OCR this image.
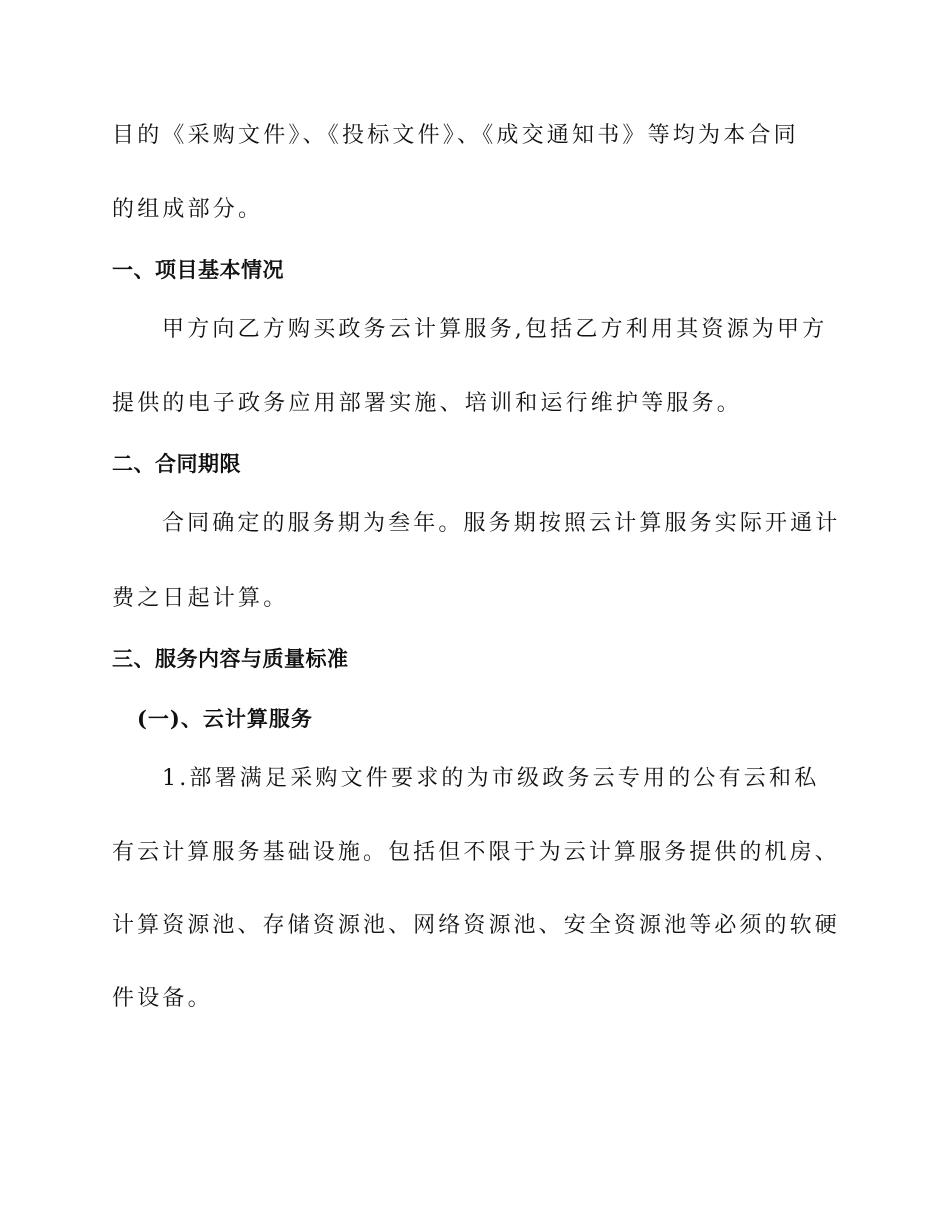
目的《采购文件》、《投标文件》、《成交通知书》等均为本合同
的组成部分。
一、项目基本情况
甲方向乙方购买政务云计算服务,包括乙方利用其资源为甲方
提供的电子政务应用部署实施、培训和运行维护等服务。
二、合同期限
合同确定的服务期为叁年。服务期按照云计算服务实际开通计
费之日起计算。
三、服务内容与质量标准
(一)、云计算服务
1.部署满足采购文件要求的为市级政务云专用的公有云和私
有云计算服务基础设施。包括但不限于为云计算服务提供的机房、
计算资源池、存储资源池、网络资源池、安全资源池等必须的软硬
件设备。
